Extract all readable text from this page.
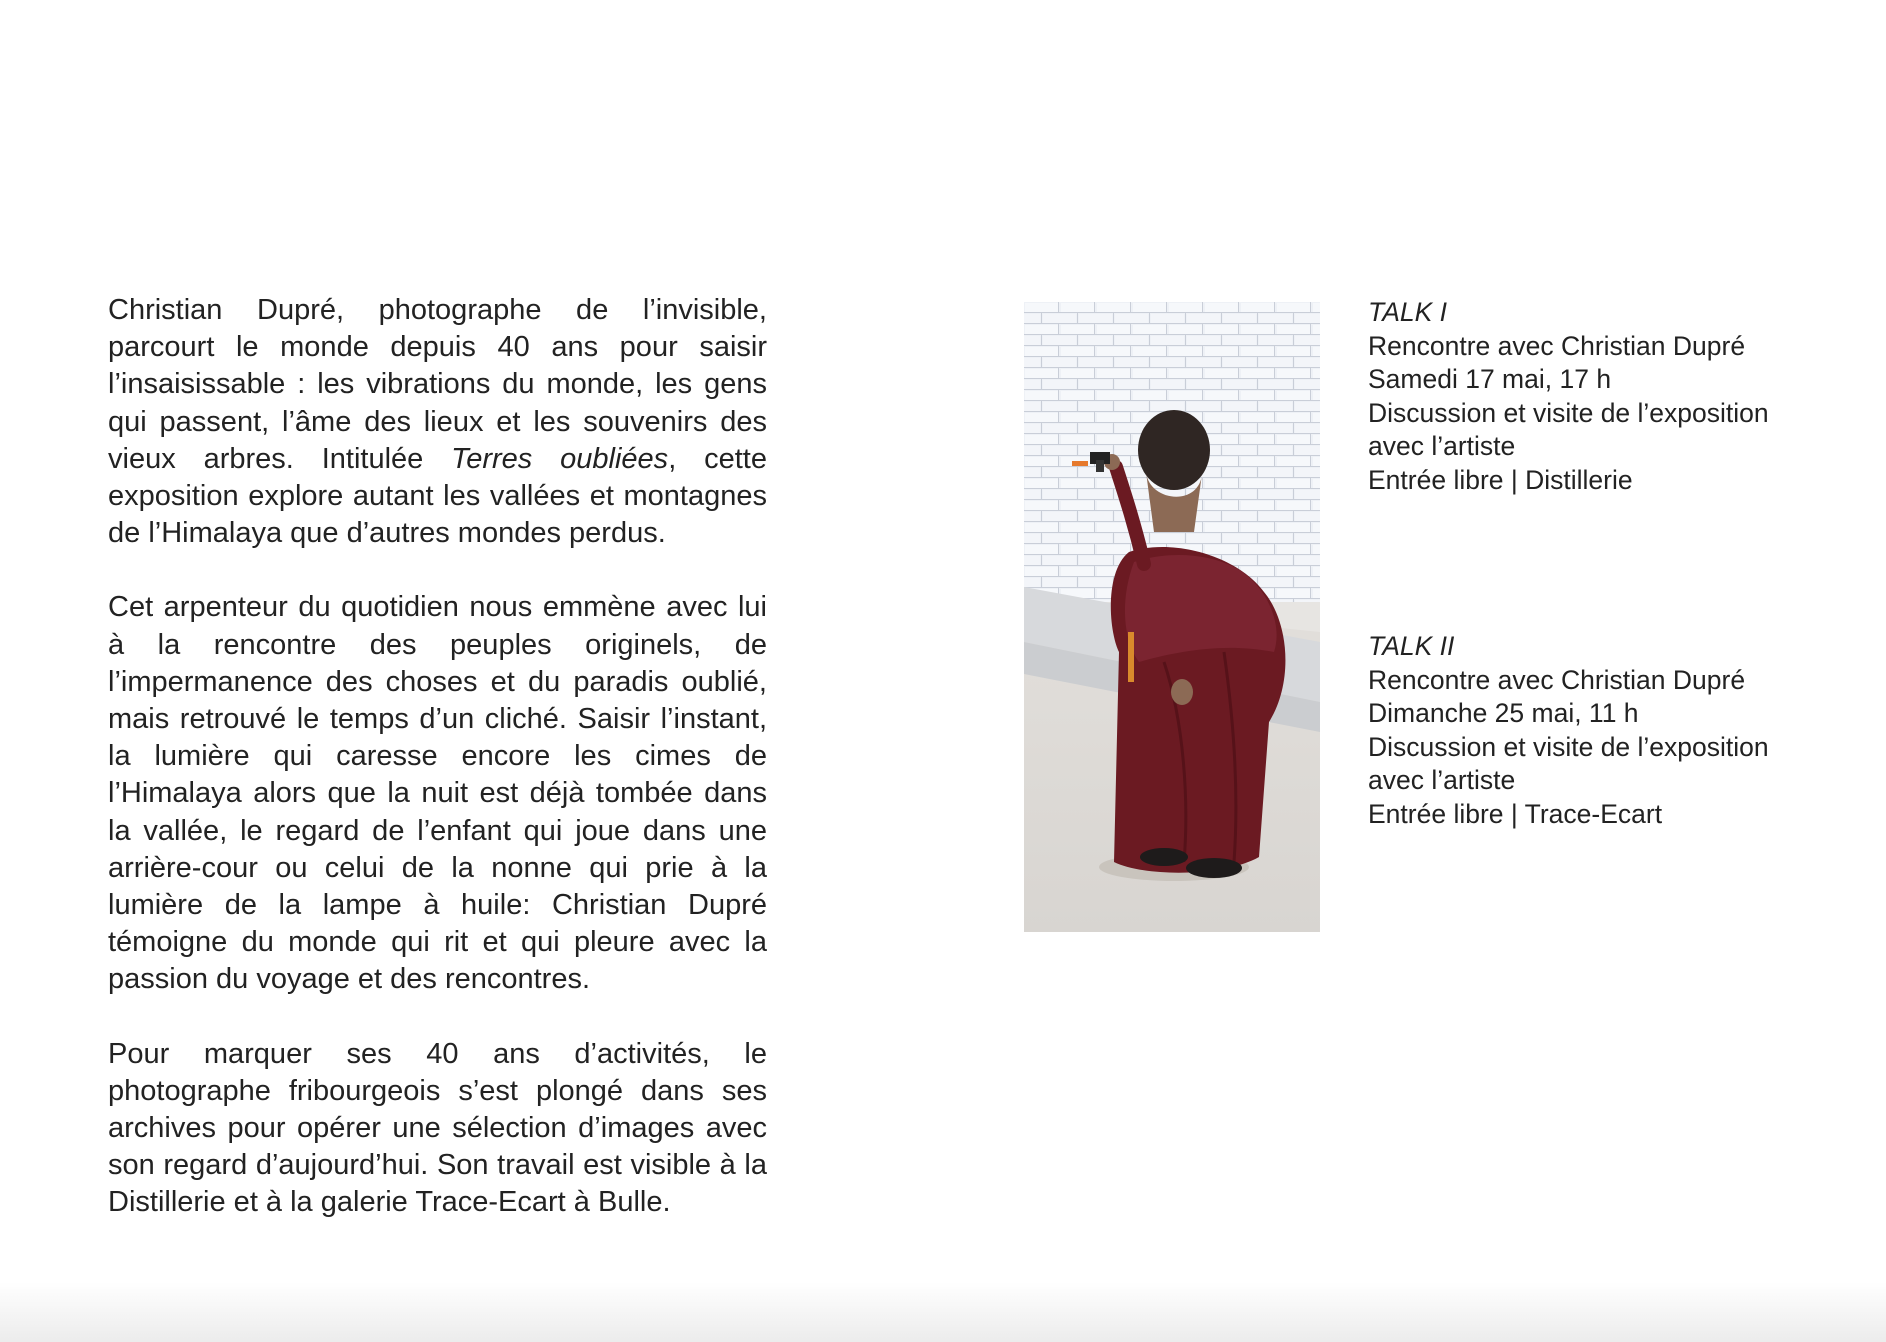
Christian Dupré, photographe de l’invisible, parcourt le monde depuis 40 ans pour saisir l’insaisissable : les vibrations du monde, les gens qui passent, l’âme des lieux et les souvenirs des vieux arbres. Intitulée Terres oubliées, cette exposition explore autant les vallées et montagnes de l’Himalaya que d’autres mondes perdus.

Cet arpenteur du quotidien nous emmène avec lui à la rencontre des peuples originels, de l’impermanence des choses et du paradis oublié, mais retrouvé le temps d’un cliché. Saisir l’instant, la lumière qui caresse encore les cimes de l’Himalaya alors que la nuit est déjà tombée dans la vallée, le regard de l’enfant qui joue dans une arrière-cour ou celui de la nonne qui prie à la lumière de la lampe à huile: Christian Dupré témoigne du monde qui rit et qui pleure avec la passion du voyage et des rencontres.

Pour marquer ses 40 ans d’activités, le photographe fribourgeois s’est plongé dans ses archives pour opérer une sélection d’images avec son regard d’aujourd’hui. Son travail est visible à la Distillerie et à la galerie Trace-Ecart à Bulle.

TALK I
Rencontre avec Christian Dupré
Samedi 17 mai, 17 h
Discussion et visite de l’exposition
avec l’artiste
Entrée libre | Distillerie
TALK II
Rencontre avec Christian Dupré
Dimanche 25 mai, 11 h
Discussion et visite de l’exposition
avec l’artiste
Entrée libre | Trace-Ecart
